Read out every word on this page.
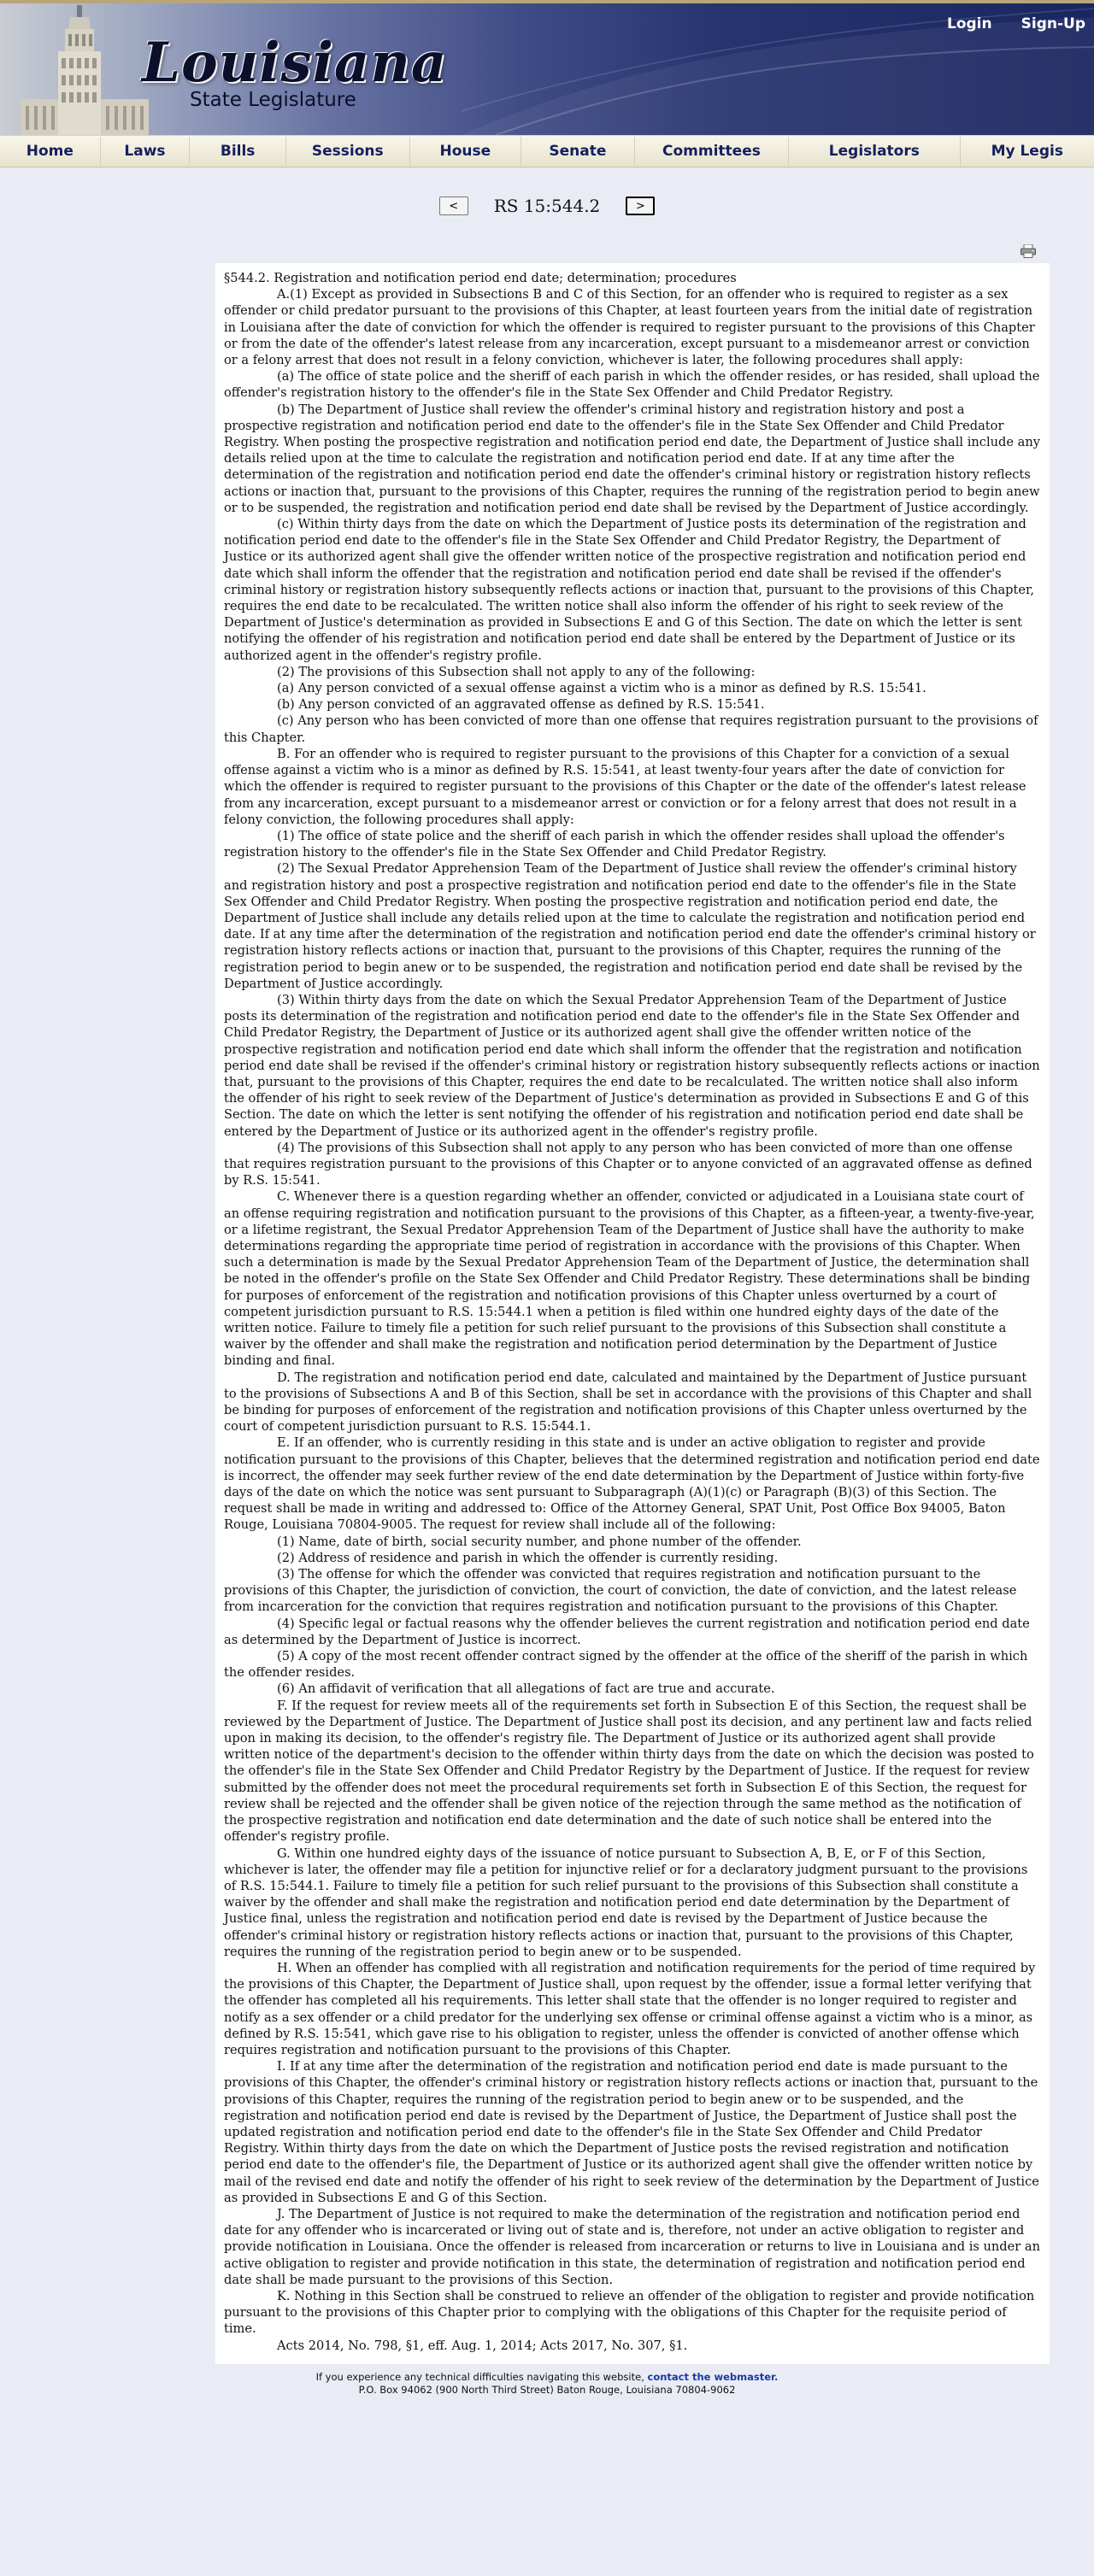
Louisiana
State Legislature
Login Sign-Up
Home	Laws	Bills	Sessions	House	Senate	Committees	Legislators	My Legis
<	RS 15:544.2	>

§544.2. Registration and notification period end date; determination; procedures

A.(1) Except as provided in Subsections B and C of this Section, for an offender who is required to register as a sex offender or child predator pursuant to the provisions of this Chapter, at least fourteen years from the initial date of registration in Louisiana after the date of conviction for which the offender is required to register pursuant to the provisions of this Chapter or from the date of the offender's latest release from any incarceration, except pursuant to a misdemeanor arrest or conviction or a felony arrest that does not result in a felony conviction, whichever is later, the following procedures shall apply:

(a) The office of state police and the sheriff of each parish in which the offender resides, or has resided, shall upload the offender's registration history to the offender's file in the State Sex Offender and Child Predator Registry.

(b) The Department of Justice shall review the offender's criminal history and registration history and post a prospective registration and notification period end date to the offender's file in the State Sex Offender and Child Predator Registry. When posting the prospective registration and notification period end date, the Department of Justice shall include any details relied upon at the time to calculate the registration and notification period end date. If at any time after the determination of the registration and notification period end date the offender's criminal history or registration history reflects actions or inaction that, pursuant to the provisions of this Chapter, requires the running of the registration period to begin anew or to be suspended, the registration and notification period end date shall be revised by the Department of Justice accordingly.

(c) Within thirty days from the date on which the Department of Justice posts its determination of the registration and notification period end date to the offender's file in the State Sex Offender and Child Predator Registry, the Department of Justice or its authorized agent shall give the offender written notice of the prospective registration and notification period end date which shall inform the offender that the registration and notification period end date shall be revised if the offender's criminal history or registration history subsequently reflects actions or inaction that, pursuant to the provisions of this Chapter, requires the end date to be recalculated. The written notice shall also inform the offender of his right to seek review of the Department of Justice's determination as provided in Subsections E and G of this Section. The date on which the letter is sent notifying the offender of his registration and notification period end date shall be entered by the Department of Justice or its authorized agent in the offender's registry profile.

(2) The provisions of this Subsection shall not apply to any of the following:

(a) Any person convicted of a sexual offense against a victim who is a minor as defined by R.S. 15:541.

(b) Any person convicted of an aggravated offense as defined by R.S. 15:541.

(c) Any person who has been convicted of more than one offense that requires registration pursuant to the provisions of this Chapter.

B. For an offender who is required to register pursuant to the provisions of this Chapter for a conviction of a sexual offense against a victim who is a minor as defined by R.S. 15:541, at least twenty-four years after the date of conviction for which the offender is required to register pursuant to the provisions of this Chapter or the date of the offender's latest release from any incarceration, except pursuant to a misdemeanor arrest or conviction or for a felony arrest that does not result in a felony conviction, the following procedures shall apply:

(1) The office of state police and the sheriff of each parish in which the offender resides shall upload the offender's registration history to the offender's file in the State Sex Offender and Child Predator Registry.

(2) The Sexual Predator Apprehension Team of the Department of Justice shall review the offender's criminal history and registration history and post a prospective registration and notification period end date to the offender's file in the State Sex Offender and Child Predator Registry. When posting the prospective registration and notification period end date, the Department of Justice shall include any details relied upon at the time to calculate the registration and notification period end date. If at any time after the determination of the registration and notification period end date the offender's criminal history or registration history reflects actions or inaction that, pursuant to the provisions of this Chapter, requires the running of the registration period to begin anew or to be suspended, the registration and notification period end date shall be revised by the Department of Justice accordingly.

(3) Within thirty days from the date on which the Sexual Predator Apprehension Team of the Department of Justice posts its determination of the registration and notification period end date to the offender's file in the State Sex Offender and Child Predator Registry, the Department of Justice or its authorized agent shall give the offender written notice of the prospective registration and notification period end date which shall inform the offender that the registration and notification period end date shall be revised if the offender's criminal history or registration history subsequently reflects actions or inaction that, pursuant to the provisions of this Chapter, requires the end date to be recalculated. The written notice shall also inform the offender of his right to seek review of the Department of Justice's determination as provided in Subsections E and G of this Section. The date on which the letter is sent notifying the offender of his registration and notification period end date shall be entered by the Department of Justice or its authorized agent in the offender's registry profile.

(4) The provisions of this Subsection shall not apply to any person who has been convicted of more than one offense that requires registration pursuant to the provisions of this Chapter or to anyone convicted of an aggravated offense as defined by R.S. 15:541.

C. Whenever there is a question regarding whether an offender, convicted or adjudicated in a Louisiana state court of an offense requiring registration and notification pursuant to the provisions of this Chapter, as a fifteen-year, a twenty-five-year, or a lifetime registrant, the Sexual Predator Apprehension Team of the Department of Justice shall have the authority to make determinations regarding the appropriate time period of registration in accordance with the provisions of this Chapter. When such a determination is made by the Sexual Predator Apprehension Team of the Department of Justice, the determination shall be noted in the offender's profile on the State Sex Offender and Child Predator Registry. These determinations shall be binding for purposes of enforcement of the registration and notification provisions of this Chapter unless overturned by a court of competent jurisdiction pursuant to R.S. 15:544.1 when a petition is filed within one hundred eighty days of the date of the written notice. Failure to timely file a petition for such relief pursuant to the provisions of this Subsection shall constitute a waiver by the offender and shall make the registration and notification period determination by the Department of Justice binding and final.

D. The registration and notification period end date, calculated and maintained by the Department of Justice pursuant to the provisions of Subsections A and B of this Section, shall be set in accordance with the provisions of this Chapter and shall be binding for purposes of enforcement of the registration and notification provisions of this Chapter unless overturned by the court of competent jurisdiction pursuant to R.S. 15:544.1.

E. If an offender, who is currently residing in this state and is under an active obligation to register and provide notification pursuant to the provisions of this Chapter, believes that the determined registration and notification period end date is incorrect, the offender may seek further review of the end date determination by the Department of Justice within forty-five days of the date on which the notice was sent pursuant to Subparagraph (A)(1)(c) or Paragraph (B)(3) of this Section. The request shall be made in writing and addressed to: Office of the Attorney General, SPAT Unit, Post Office Box 94005, Baton Rouge, Louisiana 70804-9005. The request for review shall include all of the following:

(1) Name, date of birth, social security number, and phone number of the offender.

(2) Address of residence and parish in which the offender is currently residing.

(3) The offense for which the offender was convicted that requires registration and notification pursuant to the provisions of this Chapter, the jurisdiction of conviction, the court of conviction, the date of conviction, and the latest release from incarceration for the conviction that requires registration and notification pursuant to the provisions of this Chapter.

(4) Specific legal or factual reasons why the offender believes the current registration and notification period end date as determined by the Department of Justice is incorrect.

(5) A copy of the most recent offender contract signed by the offender at the office of the sheriff of the parish in which the offender resides.

(6) An affidavit of verification that all allegations of fact are true and accurate.

F. If the request for review meets all of the requirements set forth in Subsection E of this Section, the request shall be reviewed by the Department of Justice. The Department of Justice shall post its decision, and any pertinent law and facts relied upon in making its decision, to the offender's registry file. The Department of Justice or its authorized agent shall provide written notice of the department's decision to the offender within thirty days from the date on which the decision was posted to the offender's file in the State Sex Offender and Child Predator Registry by the Department of Justice. If the request for review submitted by the offender does not meet the procedural requirements set forth in Subsection E of this Section, the request for review shall be rejected and the offender shall be given notice of the rejection through the same method as the notification of the prospective registration and notification end date determination and the date of such notice shall be entered into the offender's registry profile.

G. Within one hundred eighty days of the issuance of notice pursuant to Subsection A, B, E, or F of this Section, whichever is later, the offender may file a petition for injunctive relief or for a declaratory judgment pursuant to the provisions of R.S. 15:544.1. Failure to timely file a petition for such relief pursuant to the provisions of this Subsection shall constitute a waiver by the offender and shall make the registration and notification period end date determination by the Department of Justice final, unless the registration and notification period end date is revised by the Department of Justice because the offender's criminal history or registration history reflects actions or inaction that, pursuant to the provisions of this Chapter, requires the running of the registration period to begin anew or to be suspended.

H. When an offender has complied with all registration and notification requirements for the period of time required by the provisions of this Chapter, the Department of Justice shall, upon request by the offender, issue a formal letter verifying that the offender has completed all his requirements. This letter shall state that the offender is no longer required to register and notify as a sex offender or a child predator for the underlying sex offense or criminal offense against a victim who is a minor, as defined by R.S. 15:541, which gave rise to his obligation to register, unless the offender is convicted of another offense which requires registration and notification pursuant to the provisions of this Chapter.

I. If at any time after the determination of the registration and notification period end date is made pursuant to the provisions of this Chapter, the offender's criminal history or registration history reflects actions or inaction that, pursuant to the provisions of this Chapter, requires the running of the registration period to begin anew or to be suspended, and the registration and notification period end date is revised by the Department of Justice, the Department of Justice shall post the updated registration and notification period end date to the offender's file in the State Sex Offender and Child Predator Registry. Within thirty days from the date on which the Department of Justice posts the revised registration and notification period end date to the offender's file, the Department of Justice or its authorized agent shall give the offender written notice by mail of the revised end date and notify the offender of his right to seek review of the determination by the Department of Justice as provided in Subsections E and G of this Section.

J. The Department of Justice is not required to make the determination of the registration and notification period end date for any offender who is incarcerated or living out of state and is, therefore, not under an active obligation to register and provide notification in Louisiana. Once the offender is released from incarceration or returns to live in Louisiana and is under an active obligation to register and provide notification in this state, the determination of registration and notification period end date shall be made pursuant to the provisions of this Section.

K. Nothing in this Section shall be construed to relieve an offender of the obligation to register and provide notification pursuant to the provisions of this Chapter prior to complying with the obligations of this Chapter for the requisite period of time.

Acts 2014, No. 798, §1, eff. Aug. 1, 2014; Acts 2017, No. 307, §1.

If you experience any technical difficulties navigating this website, contact the webmaster.
P.O. Box 94062 (900 North Third Street) Baton Rouge, Louisiana 70804-9062
